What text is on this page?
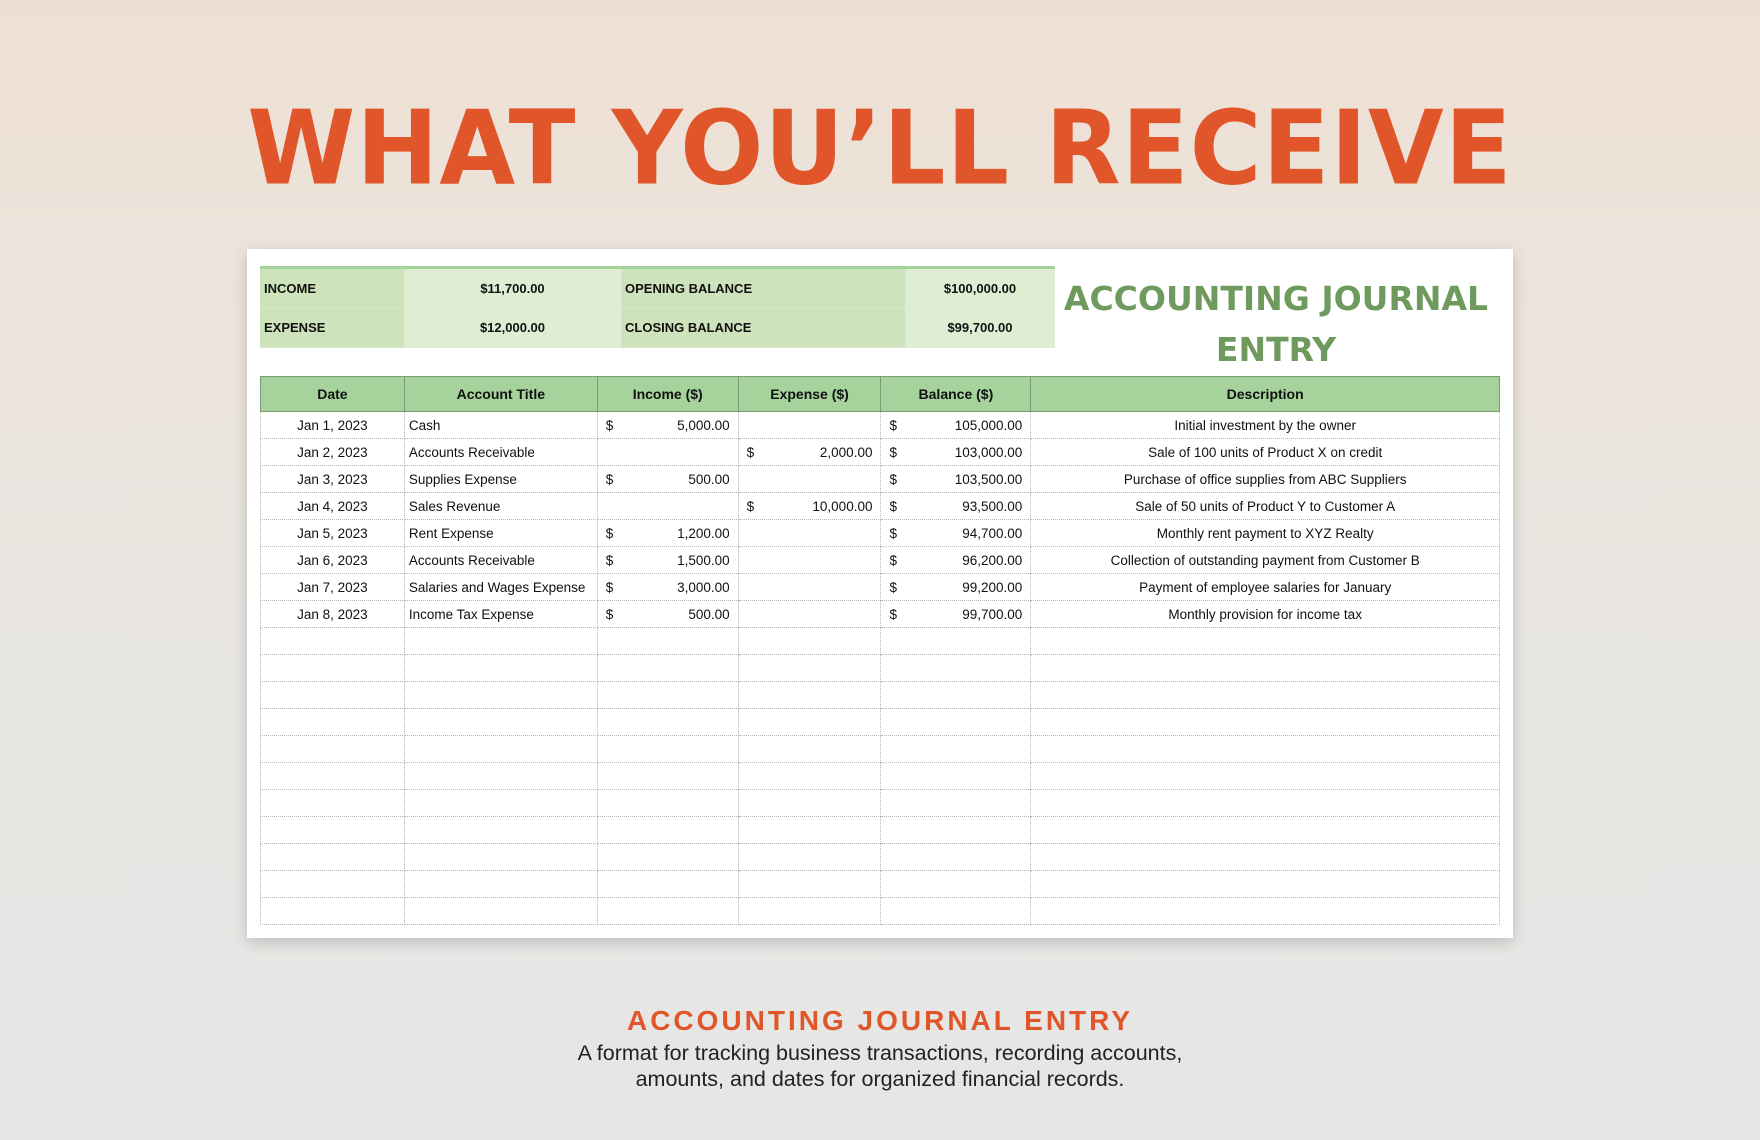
WHAT YOU’LL RECEIVE
INCOME	$11,700.00	OPENING BALANCE	$100,000.00
EXPENSE	$12,000.00	CLOSING BALANCE	$99,700.00
ACCOUNTING JOURNAL
ENTRY
Date	Account Title	Income ($)	Expense ($)	Balance ($)	Description
Jan 1, 2023	Cash	$ 5,000.00		$ 105,000.00	Initial investment by the owner
Jan 2, 2023	Accounts Receivable		$ 2,000.00	$ 103,000.00	Sale of 100 units of Product X on credit
Jan 3, 2023	Supplies Expense	$ 500.00		$ 103,500.00	Purchase of office supplies from ABC Suppliers
Jan 4, 2023	Sales Revenue		$ 10,000.00	$ 93,500.00	Sale of 50 units of Product Y to Customer A
Jan 5, 2023	Rent Expense	$ 1,200.00		$ 94,700.00	Monthly rent payment to XYZ Realty
Jan 6, 2023	Accounts Receivable	$ 1,500.00		$ 96,200.00	Collection of outstanding payment from Customer B
Jan 7, 2023	Salaries and Wages Expense	$ 3,000.00		$ 99,200.00	Payment of employee salaries for January
Jan 8, 2023	Income Tax Expense	$ 500.00		$ 99,700.00	Monthly provision for income tax

ACCOUNTING JOURNAL ENTRY
A format for tracking business transactions, recording accounts,
amounts, and dates for organized financial records.
